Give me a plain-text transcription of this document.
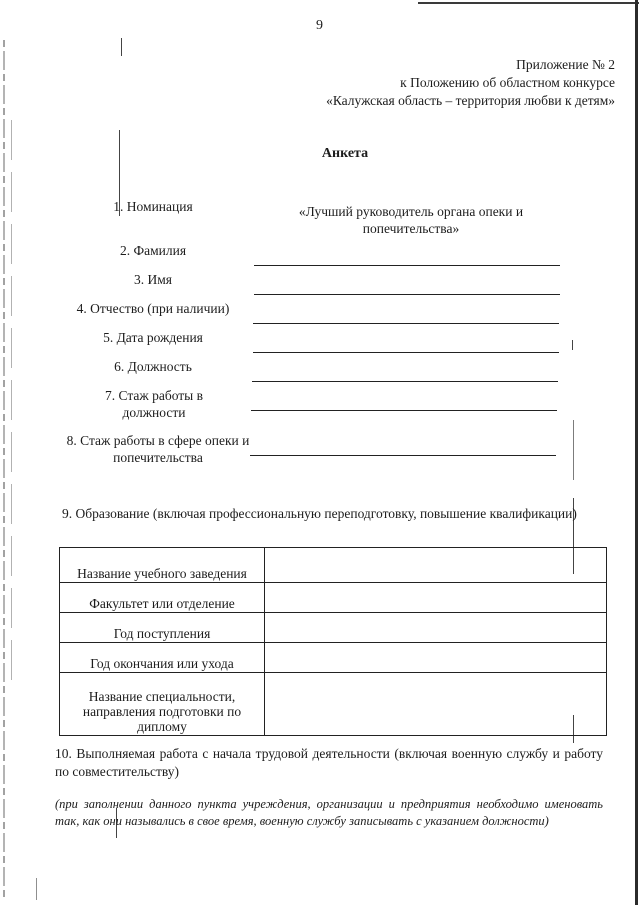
9
Приложение № 2
к Положению об областном конкурсе
«Калужская область – территория любви к детям»
Анкета
1. Номинация	«Лучший руководитель органа опеки и попечительства»
2. Фамилия
3. Имя
4. Отчество (при наличии)
5. Дата рождения
6. Должность
7. Стаж работы в должности
8. Стаж работы в сфере опеки и попечительства
9. Образование (включая профессиональную переподготовку, повышение квалификации)
Название учебного заведения	
Факультет или отделение	
Год поступления	
Год окончания или ухода	
Название специальности, направления подготовки по диплому	
10. Выполняемая работа с начала трудовой деятельности (включая военную службу и работу по совместительству)
(при заполнении данного пункта учреждения, организации и предприятия необходимо именовать так, как они назывались в свое время, военную службу записывать с указанием должности)
